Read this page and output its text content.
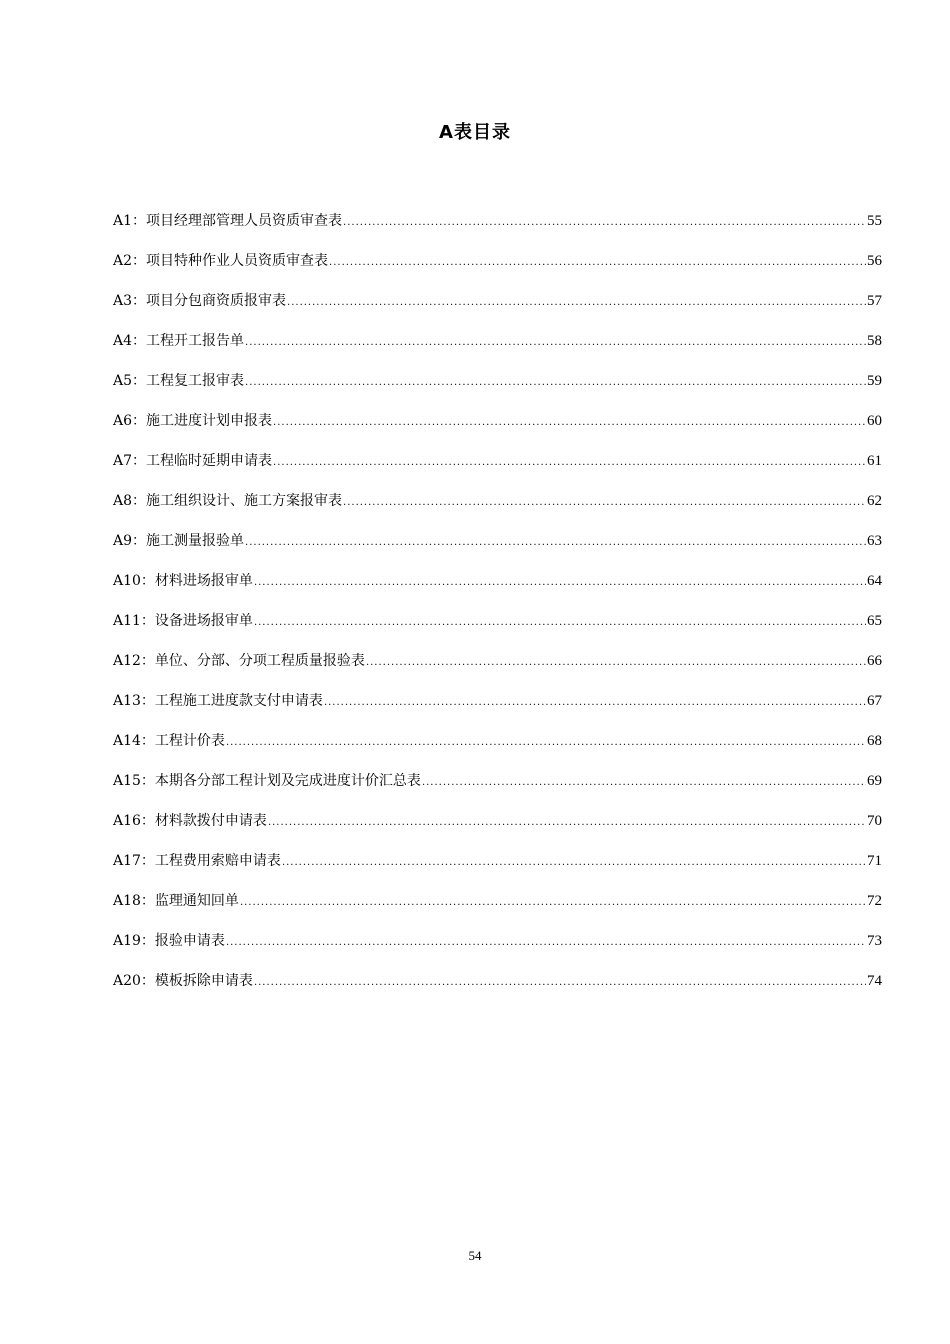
A表目录
A1：项目经理部管理人员资质审查表 .....	55
A2：项目特种作业人员资质审查表 .....	56
A3：项目分包商资质报审表 .....	57
A4：工程开工报告单 .....	58
A5：工程复工报审表 .....	59
A6：施工进度计划申报表 .....	60
A7：工程临时延期申请表 .....	61
A8：施工组织设计、施工方案报审表 .....	62
A9：施工测量报验单 .....	63
A10：材料进场报审单 .....	64
A11：设备进场报审单 .....	65
A12：单位、分部、分项工程质量报验表 .....	66
A13：工程施工进度款支付申请表 .....	67
A14：工程计价表 .....	68
A15：本期各分部工程计划及完成进度计价汇总表 .....	69
A16：材料款拨付申请表 .....	70
A17：工程费用索赔申请表 .....	71
A18：监理通知回单 .....	72
A19：报验申请表 .....	73
A20：模板拆除申请表 .....	74
54
